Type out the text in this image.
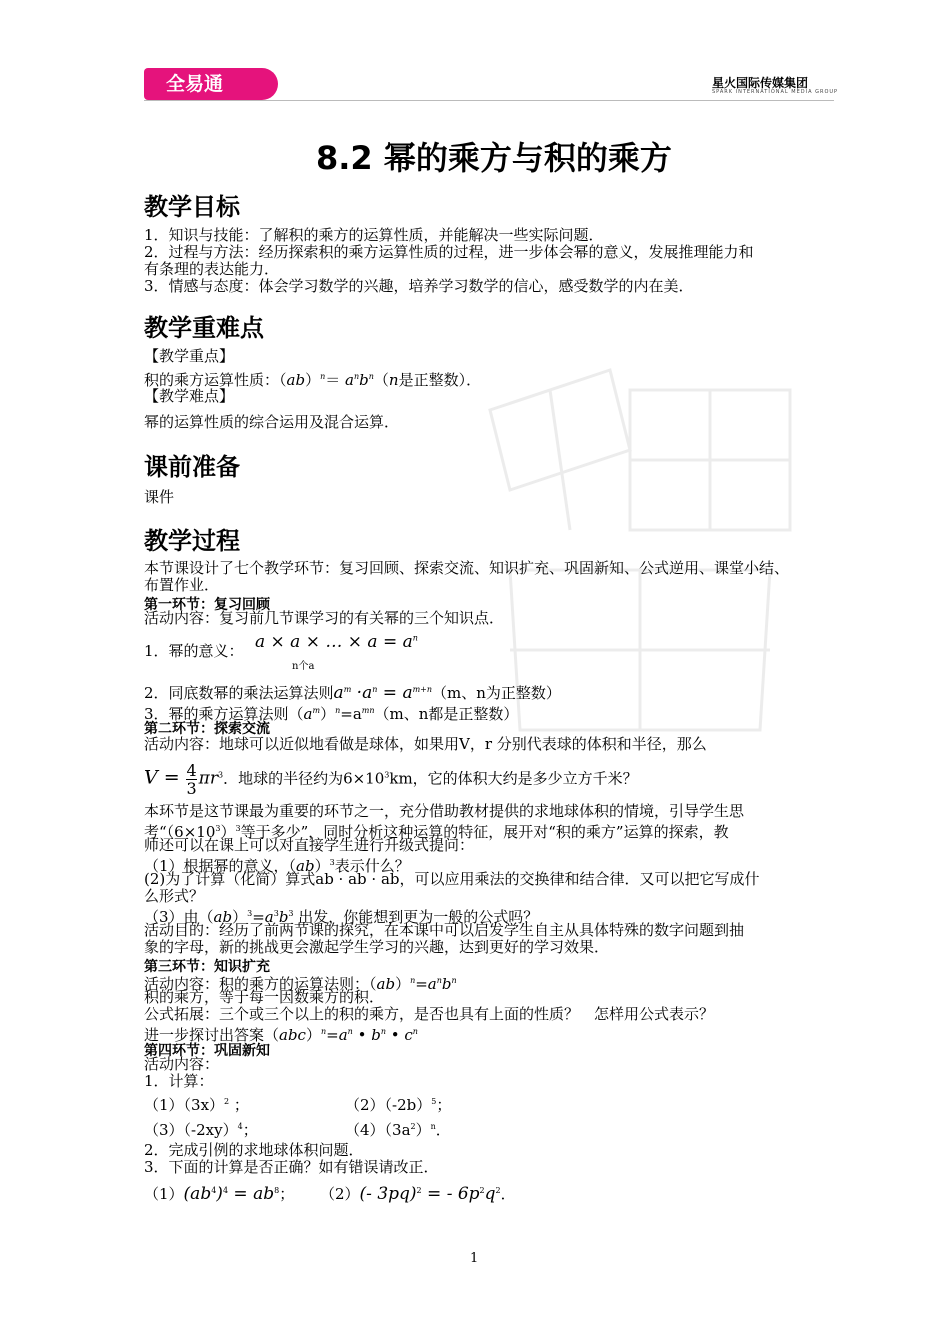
全易通	星火国际传媒集团
SPARK INTERNATIONAL MEDIA GROUP
8.2 幂的乘方与积的乘方
教学目标
1．知识与技能：了解积的乘方的运算性质，并能解决一些实际问题．
2．过程与方法：经历探索积的乘方运算性质的过程，进一步体会幂的意义，发展推理能力和
有条理的表达能力．
3．情感与态度：体会学习数学的兴趣，培养学习数学的信心，感受数学的内在美．
教学重难点
【教学重点】
积的乘方运算性质：$(ab)^n= a^nb^n(n$是正整数）．
【教学难点】
幂的运算性质的综合运用及混合运算．
课前准备
课件
教学过程
本节课设计了七个教学环节：复习回顾、探索交流、知识扩充、巩固新知、公式逆用、课堂小结、
布置作业．
第一环节：复习回顾
活动内容：复习前几节课学习的有关幂的三个知识点．
1．幂的意义： a × a × … × $a = a^n$
n个a
2．同底数幂的乘法运算法则$a^m \cdot a^n = a^{m+n}(m$、n为正整数）
3．幂的乘方运算法则$(a^m)^n=a^{mn}(m$、n都是正整数）
第二环节：探索交流
活动内容：地球可以近似地看做是球体，如果用V，r 分别代表球的体积和半径，那么
$V = \frac{4}{3} \pi r^3$．地球的半径约为$6\times 10^3km$，它的体积大约是多少立方千米？
本环节是这节课最为重要的环节之一，充分借助教材提供的求地球体积的情境，引导学生思
考“$(6\times 10^3)^3$等于多少”，同时分析这种运算的特征，展开对“积的乘方”运算的探索，教
师还可以在课上可以对直接学生进行升级式提问：
（1）根据幂的意义，（ab）$^3$表示什么？
(2)为了计算（化简）算式ab · ab · ab，可以应用乘法的交换律和结合律．又可以把它写成什
么形式？
（3）由$(ab)^3=a^3b^3$ 出发，你能想到更为一般的公式吗？
活动目的：经历了前两节课的探究，在本课中可以启发学生自主从具体特殊的数字问题到抽
象的字母，新的挑战更会激起学生学习的兴趣，达到更好的学习效果．
第三环节：知识扩充
活动内容：积的乘方的运算法则：$(ab)^n=a^nb^n$
积的乘方，等于每一因数乘方的积．
公式拓展：三个或三个以上的积的乘方，是否也具有上面的性质？　怎样用公式表示？
进一步探讨出答案$(abc)^n=a^n$ • $b^n$ • $c^n$
第四环节：巩固新知
活动内容：
1．计算：
$(1)(3x)^2$ ；	$(2)(-2b)^5$；
$(3)(-2xy)^4$；	$(4)(3a^2)^n$．
2．完成引例的求地球体积问题．
3．下面的计算是否正确？如有错误请改正．
$(1)(ab^4)^4 = ab^8$； （2）(- 3pq)$^2$ = - $6p^2q^2$．
1
